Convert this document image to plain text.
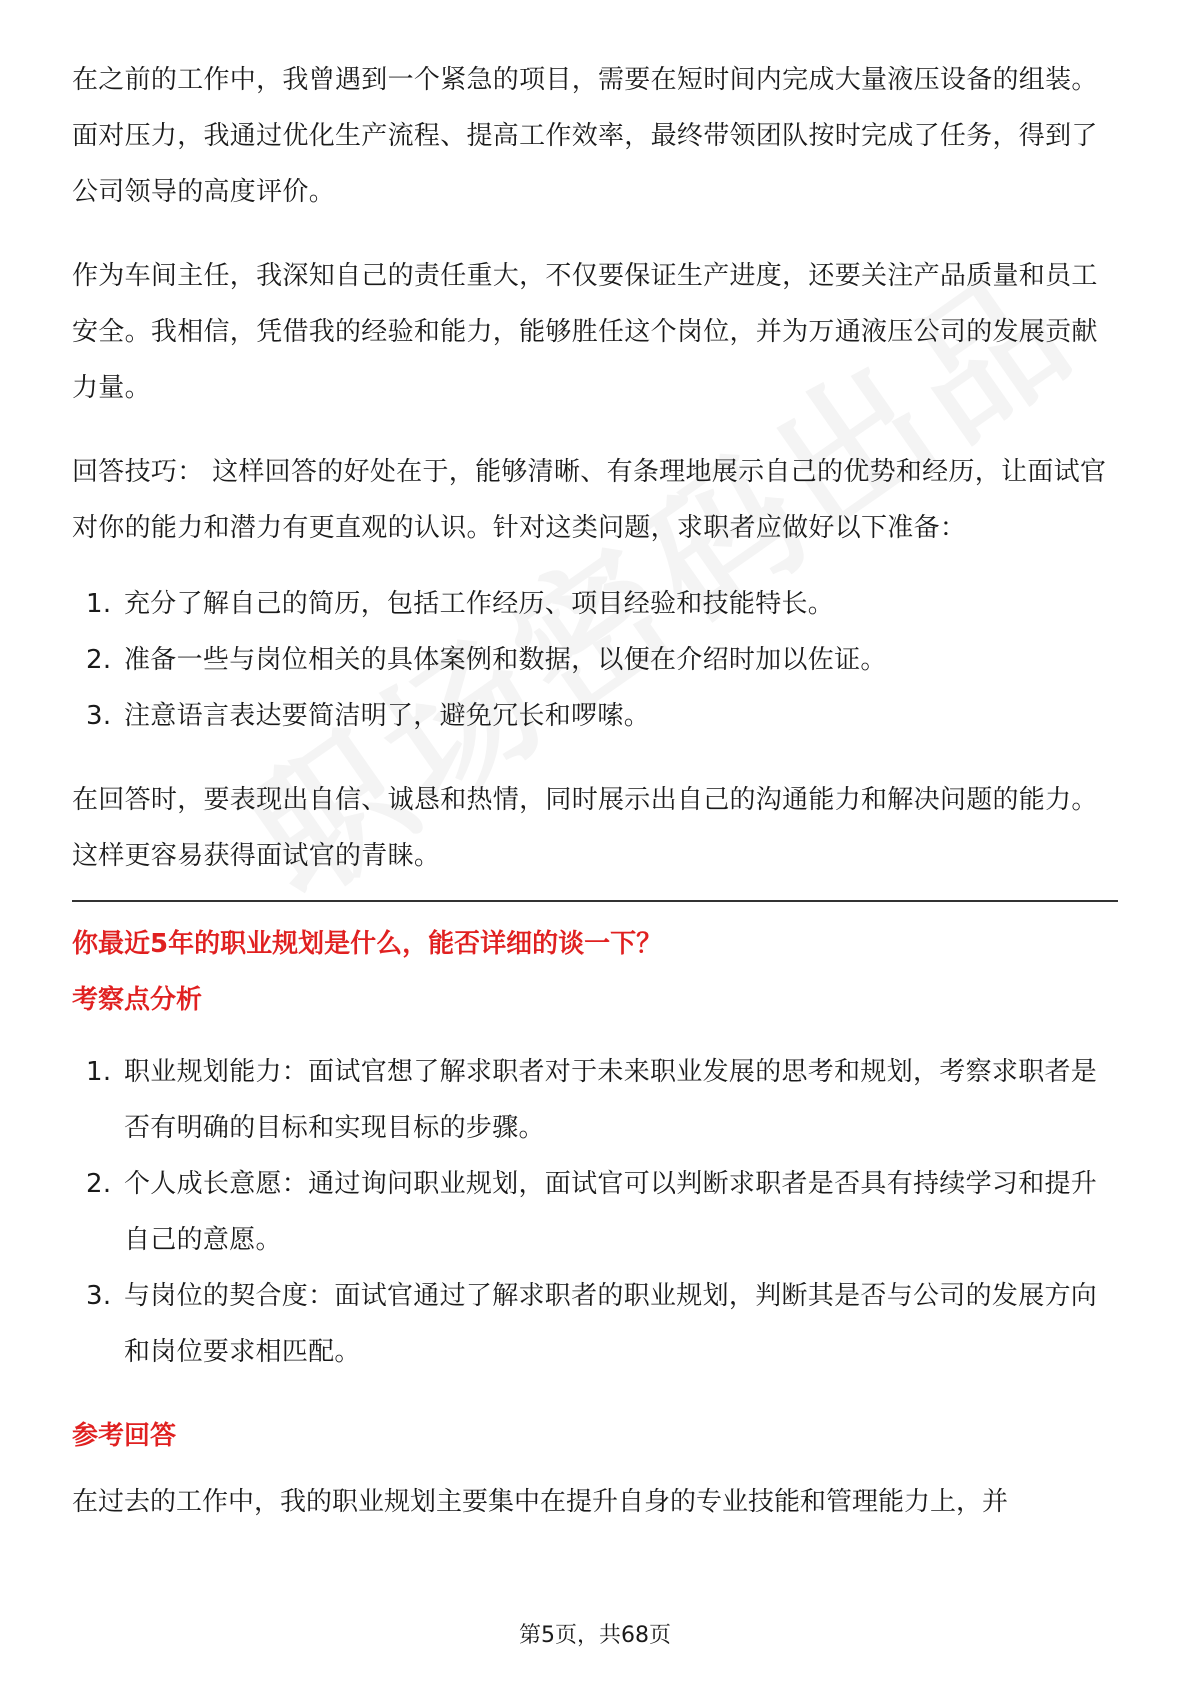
在之前的工作中，我曾遇到一个紧急的项目，需要在短时间内完成大量液压设备的组装。面对压力，我通过优化生产流程、提高工作效率，最终带领团队按时完成了任务，得到了公司领导的高度评价。

作为车间主任，我深知自己的责任重大，不仅要保证生产进度，还要关注产品质量和员工安全。我相信，凭借我的经验和能力，能够胜任这个岗位，并为万通液压公司的发展贡献力量。

回答技巧： 这样回答的好处在于，能够清晰、有条理地展示自己的优势和经历，让面试官对你的能力和潜力有更直观的认识。针对这类问题，求职者应做好以下准备：

1. 充分了解自己的简历，包括工作经历、项目经验和技能特长。
2. 准备一些与岗位相关的具体案例和数据，以便在介绍时加以佐证。
3. 注意语言表达要简洁明了，避免冗长和啰嗦。

在回答时，要表现出自信、诚恳和热情，同时展示出自己的沟通能力和解决问题的能力。这样更容易获得面试官的青睐。

你最近5年的职业规划是什么，能否详细的谈一下？

考察点分析

1. 职业规划能力：面试官想了解求职者对于未来职业发展的思考和规划，考察求职者是否有明确的目标和实现目标的步骤。
2. 个人成长意愿：通过询问职业规划，面试官可以判断求职者是否具有持续学习和提升自己的意愿。
3. 与岗位的契合度：面试官通过了解求职者的职业规划，判断其是否与公司的发展方向和岗位要求相匹配。

参考回答

在过去的工作中，我的职业规划主要集中在提升自身的专业技能和管理能力上，并

第5页，共68页
